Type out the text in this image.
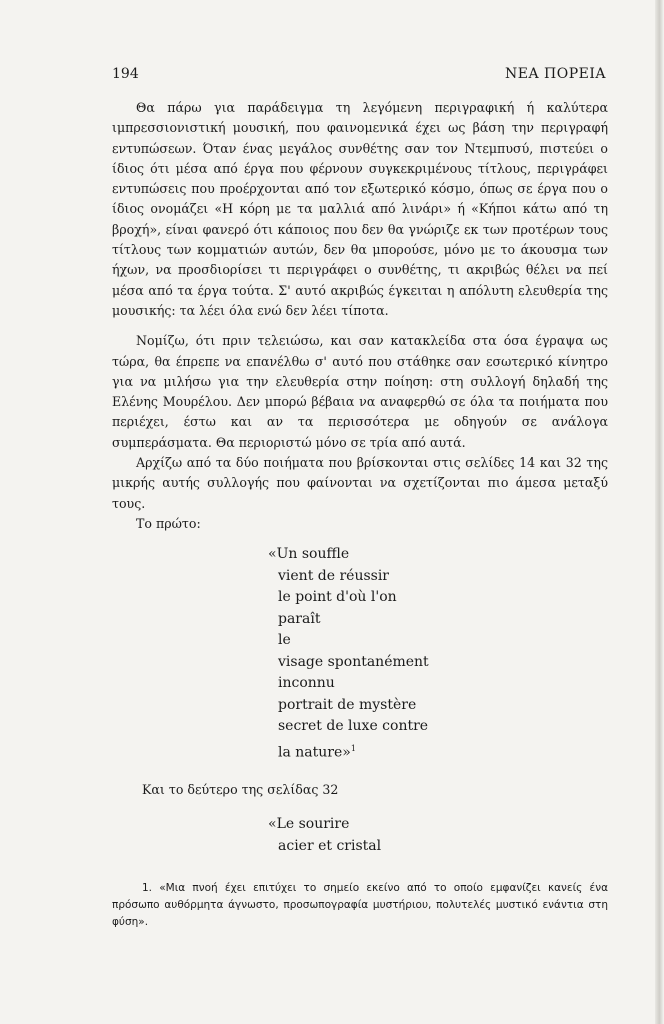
194	ΝΕΑ ΠΟΡΕΙΑ

Θα πάρω για παράδειγμα τη λεγόμενη περιγραφική ή καλύτερα ιμπρεσσιονιστική μουσική, που φαινομενικά έχει ως βάση την περιγραφή εντυπώσεων. Όταν ένας μεγάλος συνθέτης σαν τον Ντεμπυσύ, πιστεύει ο ίδιος ότι μέσα από έργα που φέρνουν συγκεκριμένους τίτλους, περιγράφει εντυπώσεις που προέρχονται από τον εξωτερικό κόσμο, όπως σε έργα που ο ίδιος ονομάζει «Η κόρη με τα μαλλιά από λινάρι» ή «Κήποι κάτω από τη βροχή», είναι φανερό ότι κάποιος που δεν θα γνώριζε εκ των προτέρων τους τίτλους των κομματιών αυτών, δεν θα μπορούσε, μόνο με το άκουσμα των ήχων, να προσδιορίσει τι περιγράφει ο συνθέτης, τι ακριβώς θέλει να πεί μέσα από τα έργα τούτα. Σ' αυτό ακριβώς έγκειται η απόλυτη ελευθερία της μουσικής: τα λέει όλα ενώ δεν λέει τίποτα.

Νομίζω, ότι πριν τελειώσω, και σαν κατακλείδα στα όσα έγραψα ως τώρα, θα έπρεπε να επανέλθω σ' αυτό που στάθηκε σαν εσωτερικό κίνητρο για να μιλήσω για την ελευθερία στην ποίηση: στη συλλογή δηλαδή της Ελένης Μουρέλου. Δεν μπορώ βέβαια να αναφερθώ σε όλα τα ποιήματα που περιέχει, έστω και αν τα περισσότερα με οδηγούν σε ανάλογα συμπεράσματα. Θα περιοριστώ μόνο σε τρία από αυτά.

Αρχίζω από τα δύο ποιήματα που βρίσκονται στις σελίδες 14 και 32 της μικρής αυτής συλλογής που φαίνονται να σχετίζονται πιο άμεσα μεταξύ τους.

Το πρώτο:

«Un souffle
vient de réussir
le point d'où l'on
paraît
le
visage spontanément
inconnu
portrait de mystère
secret de luxe contre
la nature»$^1$

Και το δεύτερο της σελίδας 32

«Le sourire
acier et cristal

1. «Μια πνοή έχει επιτύχει το σημείο εκείνο από το οποίο εμφανίζει κανείς ένα πρόσωπο αυθόρμητα άγνωστο, προσωπογραφία μυστήριου, πολυτελές μυστικό ενάντια στη φύση».
